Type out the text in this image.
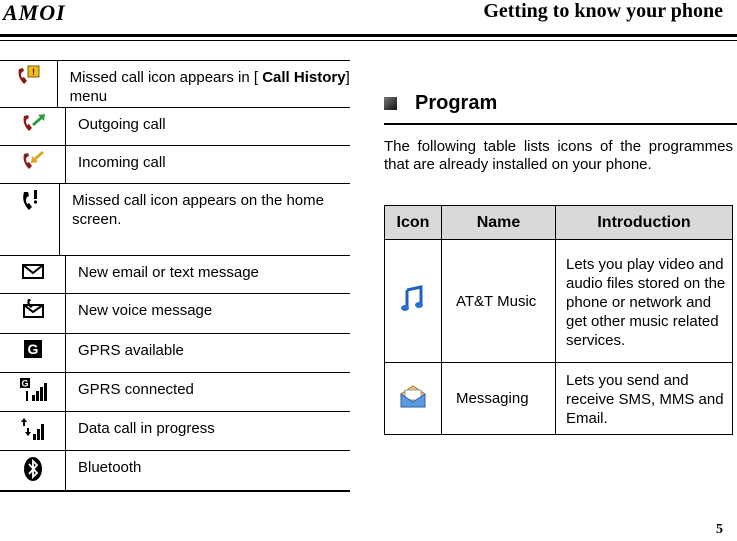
AMOI	Getting to know your phone
!	Missed call icon appears in [ Call History] menu
Outgoing call
Incoming call
Missed call icon appears on the home screen.
New email or text message
New voice message
G	GPRS available
G	GPRS connected
Data call in progress
Bluetooth
Program
The following table lists icons of the programmes that are already installed on your phone.
Icon	Name	Introduction
	AT&T Music	Lets you play video and audio files stored on the phone or network and get other music related services.
	Messaging	Lets you send and receive SMS, MMS and Email.
5
